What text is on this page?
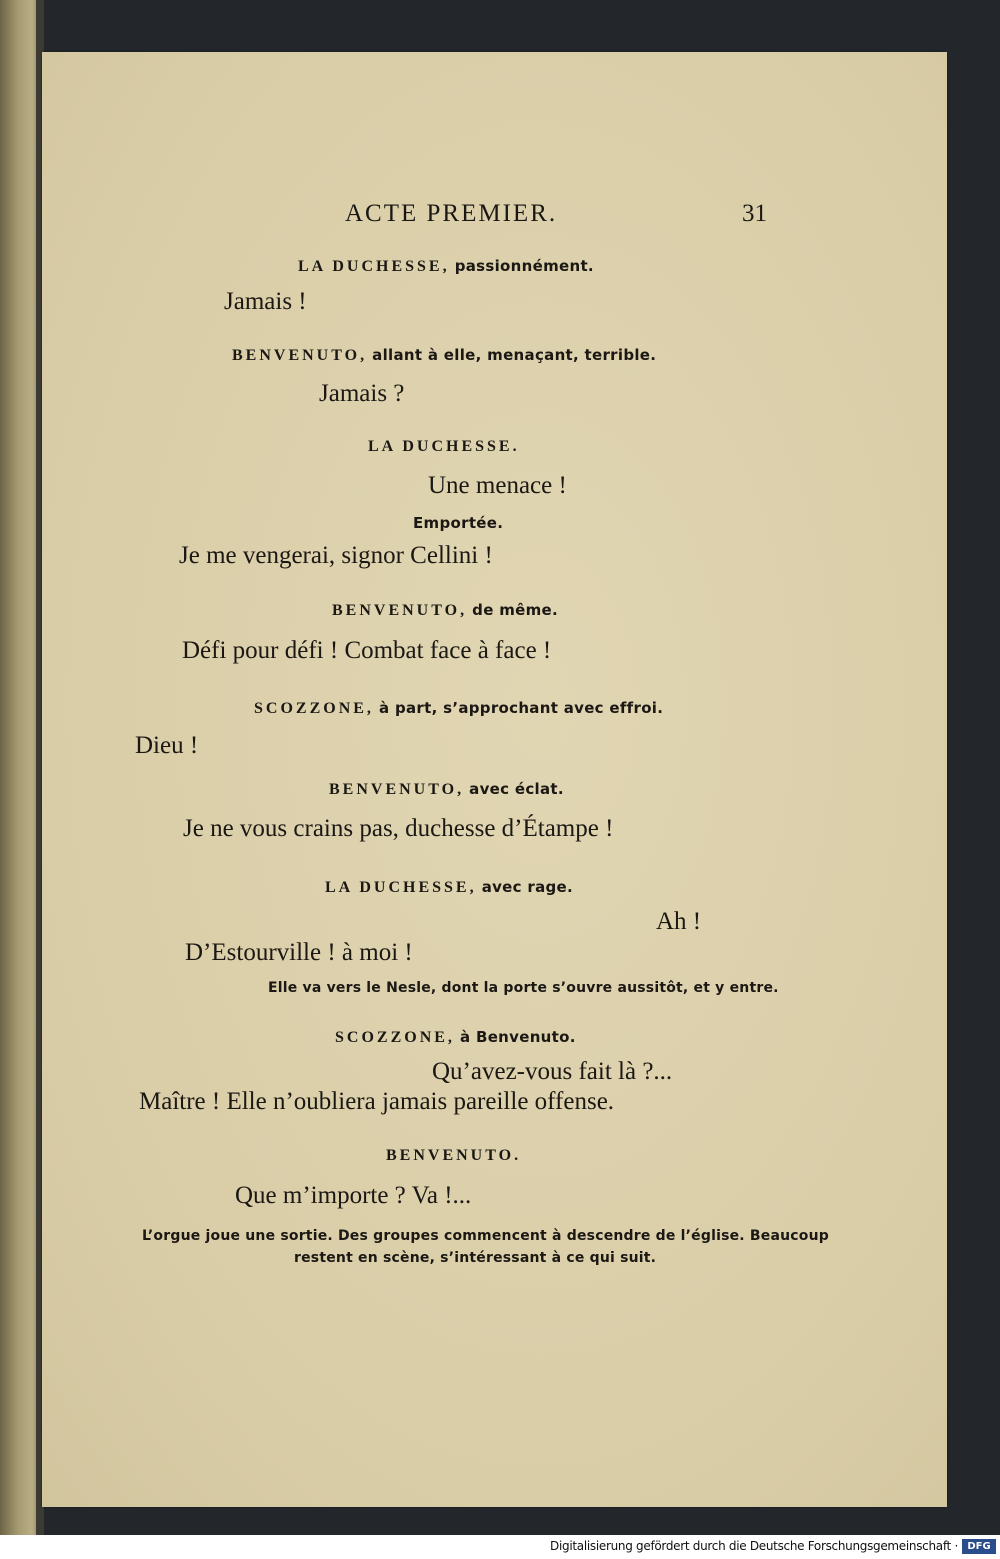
ACTE PREMIER.	31
LA DUCHESSE, passionnément.
Jamais !
BENVENUTO, allant à elle, menaçant, terrible.
Jamais ?
LA DUCHESSE.
Une menace !
Emportée.
Je me vengerai, signor Cellini !
BENVENUTO, de même.
Défi pour défi ! Combat face à face !
SCOZZONE, à part, s’approchant avec effroi.
Dieu !
BENVENUTO, avec éclat.
Je ne vous crains pas, duchesse d’Étampe !
LA DUCHESSE, avec rage.
Ah !
D’Estourville ! à moi !
Elle va vers le Nesle, dont la porte s’ouvre aussitôt, et y entre.
SCOZZONE, à Benvenuto.
Qu’avez-vous fait là ?...
Maître ! Elle n’oubliera jamais pareille offense.
BENVENUTO.
Que m’importe ? Va !...
L’orgue joue une sortie. Des groupes commencent à descendre de l’église. Beaucoup
restent en scène, s’intéressant à ce qui suit.
Digitalisierung gefördert durch die Deutsche Forschungsgemeinschaft · DFG
